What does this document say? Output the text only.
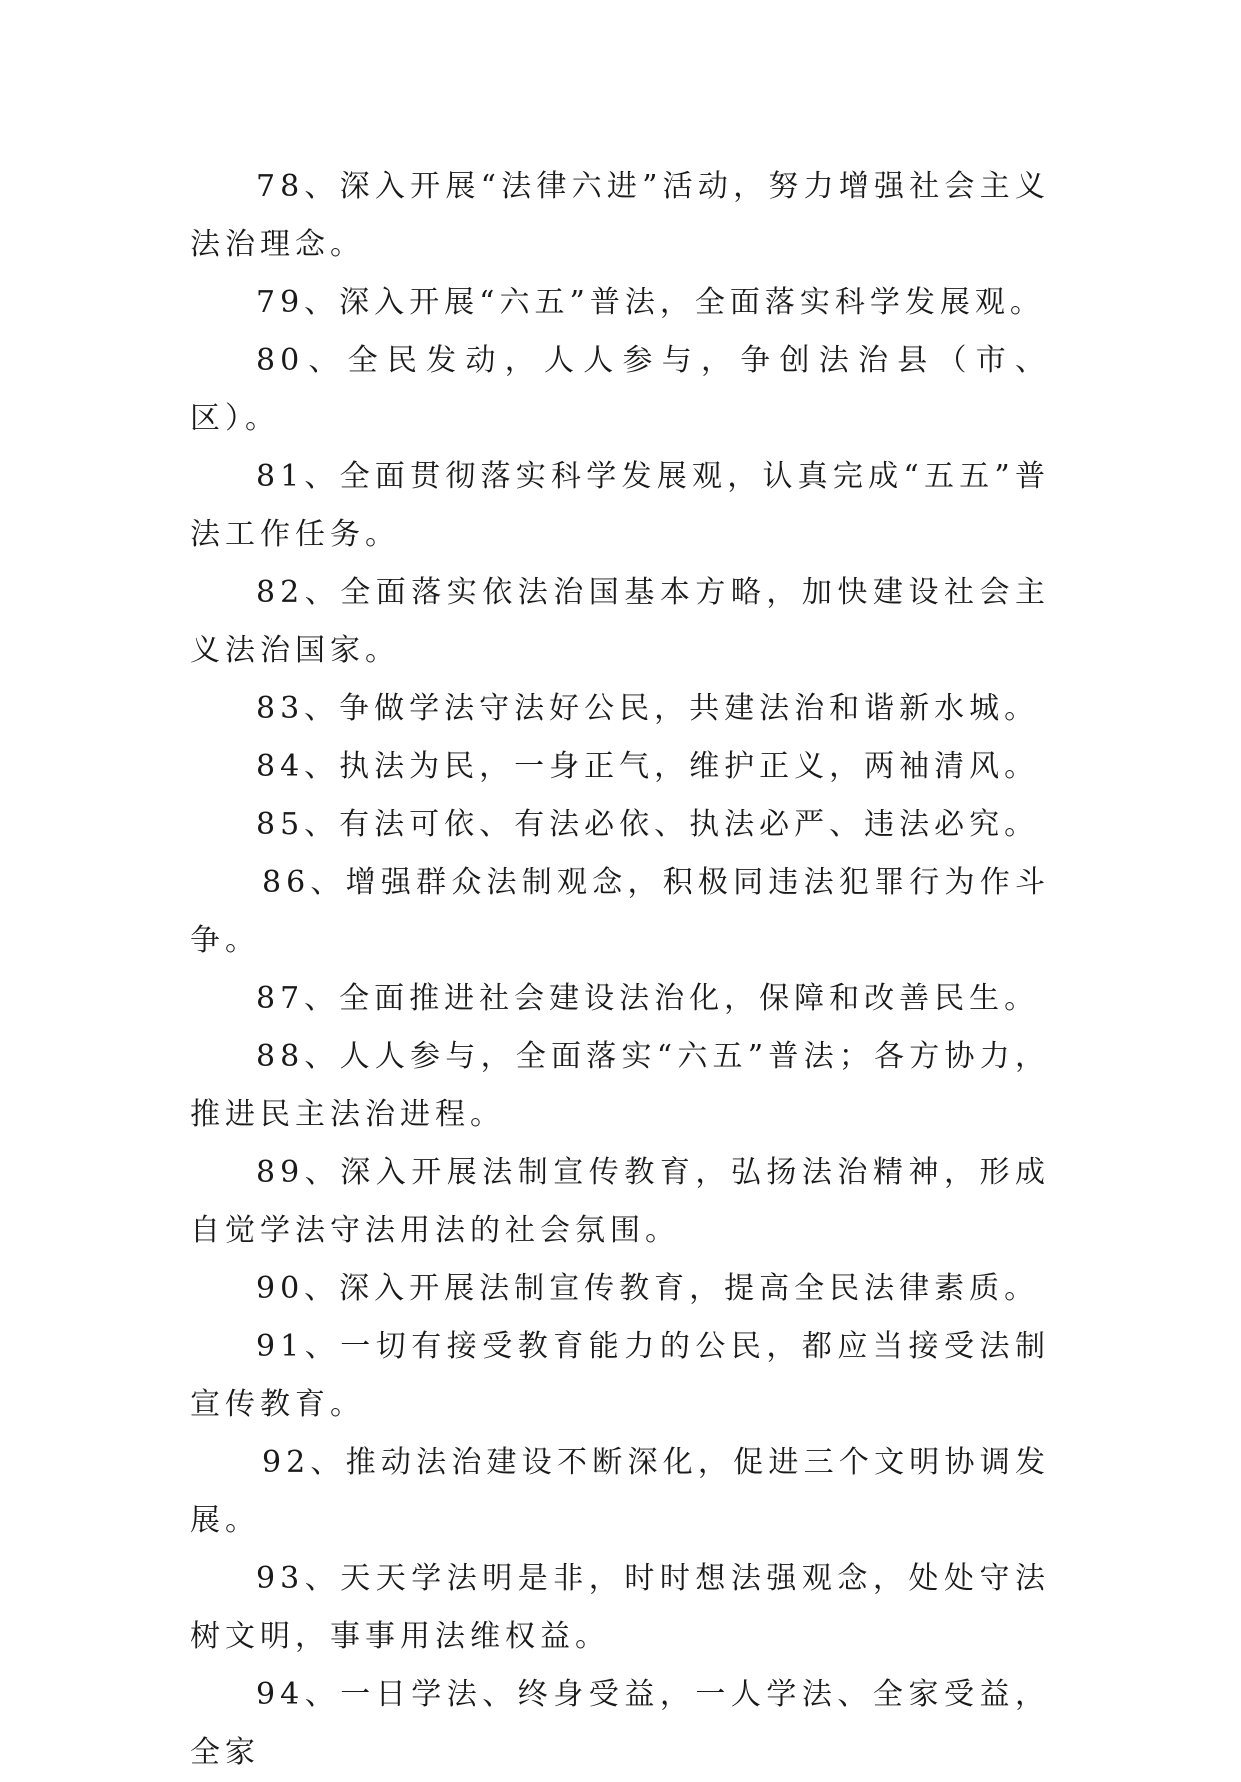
78、深入开展“法律六进”活动，努力增强社会主义法治理念。

79、深入开展“六五”普法，全面落实科学发展观。

80、全民发动，人人参与，争创法治县（市、区）。

81、全面贯彻落实科学发展观，认真完成“五五”普法工作任务。

82、全面落实依法治国基本方略，加快建设社会主义法治国家。

83、争做学法守法好公民，共建法治和谐新水城。

84、执法为民，一身正气，维护正义，两袖清风。

85、有法可依、有法必依、执法必严、违法必究。

86、增强群众法制观念，积极同违法犯罪行为作斗争。

87、全面推进社会建设法治化，保障和改善民生。

88、人人参与，全面落实“六五”普法；各方协力，推进民主法治进程。

89、深入开展法制宣传教育，弘扬法治精神，形成自觉学法守法用法的社会氛围。

90、深入开展法制宣传教育，提高全民法律素质。

91、一切有接受教育能力的公民，都应当接受法制宣传教育。

92、推动法治建设不断深化，促进三个文明协调发展。

93、天天学法明是非，时时想法强观念，处处守法树文明，事事用法维权益。

94、一日学法、终身受益，一人学法、全家受益，全家
